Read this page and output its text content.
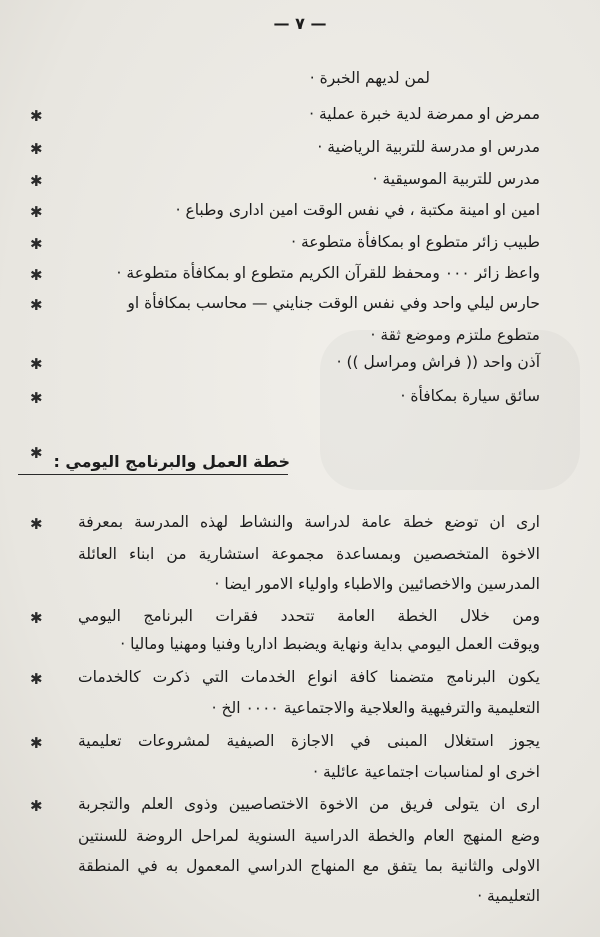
— ٧ —
لمن لديهم الخبرة ·
ممرض او ممرضة لدية خبرة عملية ·
✱
مدرس او مدرسة للتربية الرياضية ·
✱
مدرس للتربية الموسيقية ·
✱
امين او امينة مكتبة ، في نفس الوقت امين ادارى وطباع ·
✱
طبيب زائر متطوع او بمكافأة متطوعة ·
✱
واعظ زائر ٠٠٠ ومحفظ للقرآن الكريم متطوع او بمكافأة متطوعة ·
✱
حارس ليلي واحد وفي نفس الوقت جنايني — محاسب بمكافأة او
✱
متطوع ملتزم وموضع ثقة ·
آذن واحد (( فراش ومراسل )) ·
✱
سائق سيارة بمكافأة ·
✱
خطة العمل والبرنامج اليومي :
✱
ارى ان توضع خطة عامة لدراسة والنشاط لهذه المدرسة بمعرفة
✱
الاخوة المتخصصين وبمساعدة مجموعة استشارية من ابناء العائلة
المدرسين والاخصائيين والاطباء واولياء الامور ايضا ·
ومن خلال الخطة العامة تتحدد فقرات البرنامج اليومي
✱
ويوقت العمل اليومي بداية ونهاية ويضبط اداريا وفنيا ومهنيا وماليا ·
يكون البرنامج متضمنا كافة انواع الخدمات التي ذكرت كالخدمات
✱
التعليمية والترفيهية والعلاجية والاجتماعية ٠٠٠٠ الخ ·
يجوز استغلال المبنى في الاجازة الصيفية لمشروعات تعليمية
✱
اخرى او لمناسبات اجتماعية عائلية ·
ارى ان يتولى فريق من الاخوة الاختصاصيين وذوى العلم والتجربة
✱
وضع المنهج العام والخطة الدراسية السنوية لمراحل الروضة للسنتين
الاولى والثانية بما يتفق مع المنهاج الدراسي المعمول به في المنطقة
التعليمية ·
